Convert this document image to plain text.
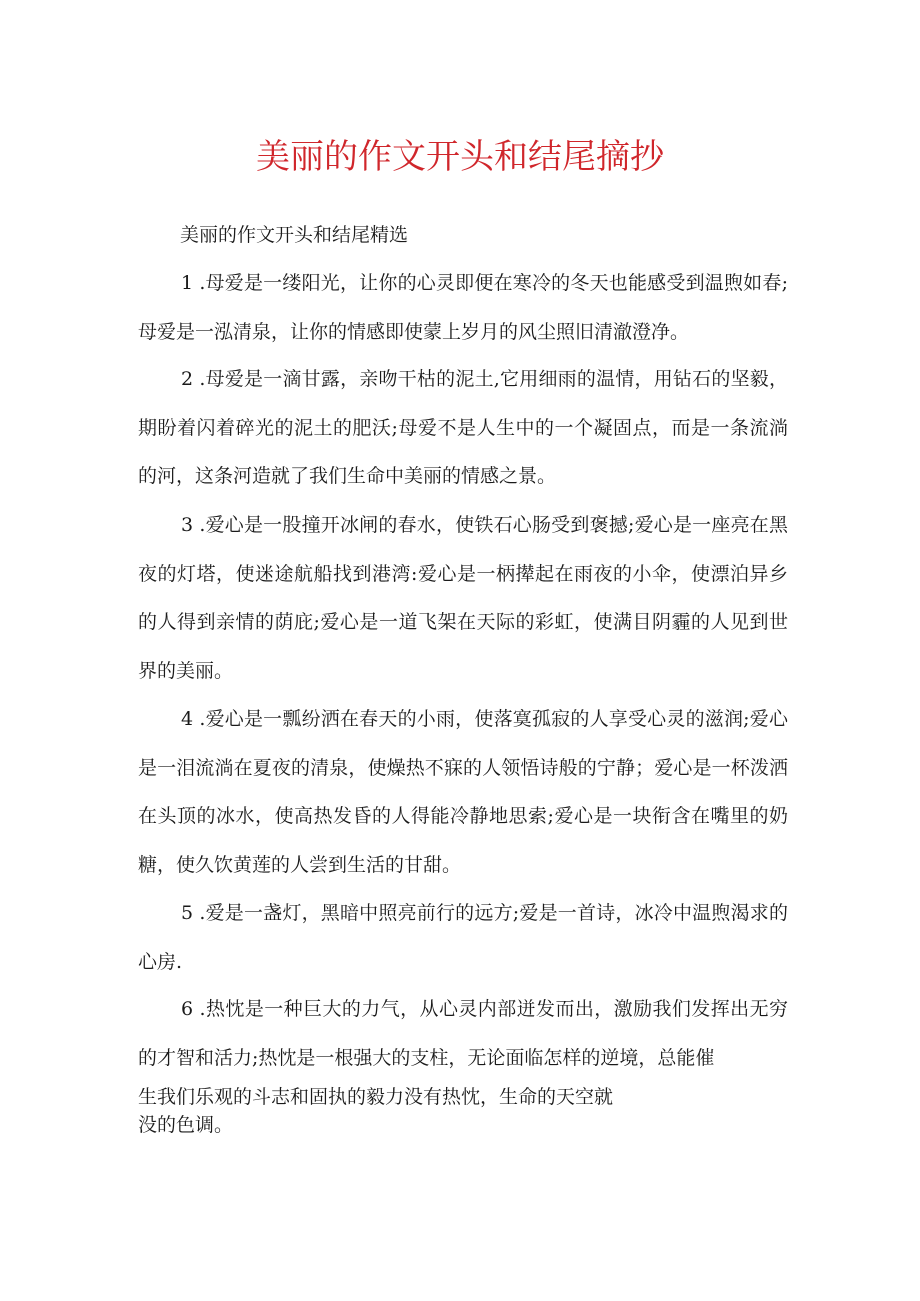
美丽的作文开头和结尾摘抄
美丽的作文开头和结尾精选

1 .母爱是一缕阳光，让你的心灵即便在寒冷的冬天也能感受到温煦如春;母爱是一泓清泉，让你的情感即使蒙上岁月的风尘照旧清澈澄净。

2 .母爱是一滴甘露，亲吻干枯的泥土,它用细雨的温情，用钻石的坚毅，期盼着闪着碎光的泥土的肥沃;母爱不是人生中的一个凝固点，而是一条流淌的河，这条河造就了我们生命中美丽的情感之景。

3 .爱心是一股撞开冰闸的春水，使铁石心肠受到褒撼;爱心是一座亮在黑夜的灯塔，使迷途航船找到港湾:爱心是一柄撵起在雨夜的小伞，使漂泊异乡的人得到亲情的荫庇;爱心是一道飞架在天际的彩虹，使满目阴霾的人见到世界的美丽。

4 .爱心是一瓢纷洒在春天的小雨，使落寞孤寂的人享受心灵的滋润;爱心是一泪流淌在夏夜的清泉，使燥热不寐的人领悟诗般的宁静；爱心是一杯泼洒在头顶的冰水，使高热发昏的人得能冷静地思索;爱心是一块衔含在嘴里的奶糖，使久饮黄莲的人尝到生活的甘甜。

5 .爱是一盏灯，黑暗中照亮前行的远方;爱是一首诗，冰冷中温煦渴求的心房.

6 .热忱是一种巨大的力气，从心灵内部迸发而出，激励我们发挥出无穷的才智和活力;热忱是一根强大的支柱，无论面临怎样的逆境，总能催
生我们乐观的斗志和固执的毅力没有热忱，生命的天空就
没的色调。
